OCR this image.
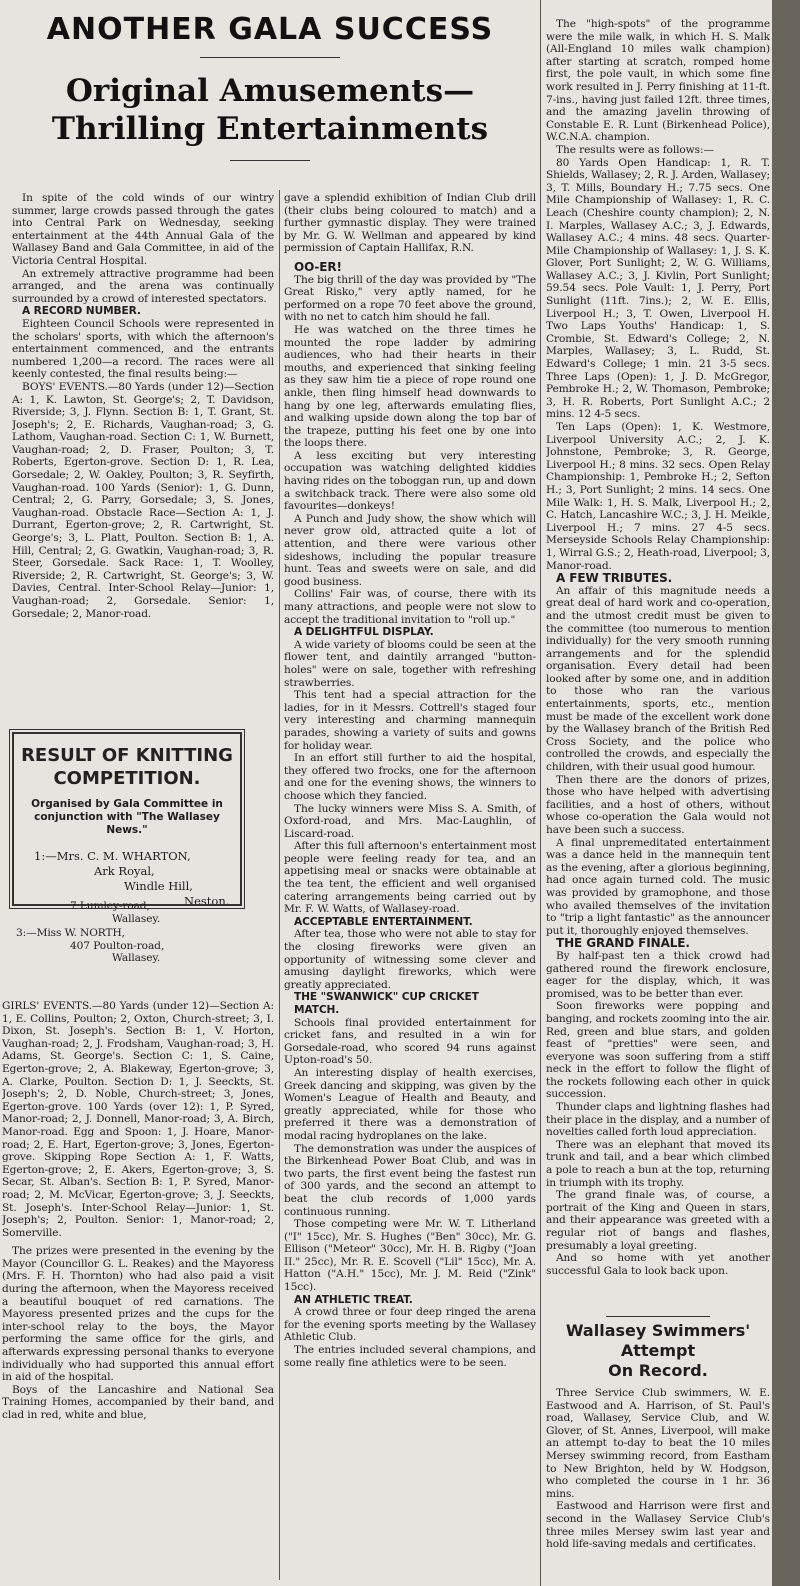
ANOTHER GALA SUCCESS
Original Amusements—
Thrilling Entertainments

In spite of the cold winds of our wintry summer, large crowds passed through the gates into Central Park on Wednesday, seeking entertainment at the 44th Annual Gala of the Wallasey Band and Gala Committee, in aid of the Victoria Central Hospital.

An extremely attractive programme had been arranged, and the arena was continually surrounded by a crowd of interested spectators.

A RECORD NUMBER.

Eighteen Council Schools were represented in the scholars' sports, with which the afternoon's entertainment commenced, and the entrants numbered 1,200—a record. The races were all keenly contested, the final results being:—

BOYS' EVENTS.—80 Yards (under 12)—Section A: 1, K. Lawton, St. George's; 2, T. Davidson, Riverside; 3, J. Flynn. Section B: 1, T. Grant, St. Joseph's; 2, E. Richards, Vaughan-road; 3, G. Lathom, Vaughan-road. Section C: 1, W. Burnett, Vaughan-road; 2, D. Fraser, Poulton; 3, T. Roberts, Egerton-grove. Section D: 1, R. Lea, Gorsedale; 2, W. Oakley, Poulton; 3, R. Seyfirth, Vaughan-road. 100 Yards (Senior): 1, G. Dunn, Central; 2, G. Parry, Gorsedale; 3, S. Jones, Vaughan-road. Obstacle Race—Section A: 1, J. Durrant, Egerton-grove; 2, R. Cartwright, St. George's; 3, L. Platt, Poulton. Section B: 1, A. Hill, Central; 2, G. Gwatkin, Vaughan-road; 3, R. Steer, Gorsedale. Sack Race: 1, T. Woolley, Riverside; 2, R. Cartwright, St. George's; 3, W. Davies, Central. Inter-School Relay—Junior: 1, Vaughan-road; 2, Gorsedale. Senior: 1, Gorsedale; 2, Manor-road.

RESULT OF KNITTING
COMPETITION.
Organised by Gala Committee in conjunction with "The Wallasey News."

1:—Mrs. C. M. WHARTON,

Ark Royal,

Windle Hill,

Neston.

7 Lumley-road,

Wallasey.

3:—Miss W. NORTH,

407 Poulton-road,

Wallasey.

GIRLS' EVENTS.—80 Yards (under 12)—Section A: 1, E. Collins, Poulton; 2, Oxton, Church-street; 3, I. Dixon, St. Joseph's. Section B: 1, V. Horton, Vaughan-road; 2, J. Frodsham, Vaughan-road; 3, H. Adams, St. George's. Section C: 1, S. Caine, Egerton-grove; 2, A. Blakeway, Egerton-grove; 3, A. Clarke, Poulton. Section D: 1, J. Seeckts, St. Joseph's; 2, D. Noble, Church-street; 3, Jones, Egerton-grove. 100 Yards (over 12): 1, P. Syred, Manor-road; 2, J. Donnell, Manor-road; 3, A. Birch, Manor-road. Egg and Spoon: 1, J. Hoare, Manor-road; 2, E. Hart, Egerton-grove; 3, Jones, Egerton-grove. Skipping Rope Section A: 1, F. Watts, Egerton-grove; 2, E. Akers, Egerton-grove; 3, S. Secar, St. Alban's. Section B: 1, P. Syred, Manor-road; 2, M. McVicar, Egerton-grove; 3, J. Seeckts, St. Joseph's. Inter-School Relay—Junior: 1, St. Joseph's; 2, Poulton. Senior: 1, Manor-road; 2, Somerville.

The prizes were presented in the evening by the Mayor (Councillor G. L. Reakes) and the Mayoress (Mrs. F. H. Thornton) who had also paid a visit during the afternoon, when the Mayoress received a beautiful bouquet of red carnations. The Mayoress presented prizes and the cups for the inter-school relay to the boys, the Mayor performing the same office for the girls, and afterwards expressing personal thanks to everyone individually who had supported this annual effort in aid of the hospital.

Boys of the Lancashire and National Sea Training Homes, accompanied by their band, and clad in red, white and blue,

gave a splendid exhibition of Indian Club drill (their clubs being coloured to match) and a further gymnastic display. They were trained by Mr. G. W. Wellman and appeared by kind permission of Captain Hallifax, R.N.

OO-ER!

The big thrill of the day was provided by "The Great Risko," very aptly named, for he performed on a rope 70 feet above the ground, with no net to catch him should he fall.

He was watched on the three times he mounted the rope ladder by admiring audiences, who had their hearts in their mouths, and experienced that sinking feeling as they saw him tie a piece of rope round one ankle, then fling himself head downwards to hang by one leg, afterwards emulating flies, and walking upside down along the top bar of the trapeze, putting his feet one by one into the loops there.

A less exciting but very interesting occupation was watching delighted kiddies having rides on the toboggan run, up and down a switchback track. There were also some old favourites—donkeys!

A Punch and Judy show, the show which will never grow old, attracted quite a lot of attention, and there were various other sideshows, including the popular treasure hunt. Teas and sweets were on sale, and did good business.

Collins' Fair was, of course, there with its many attractions, and people were not slow to accept the traditional invitation to "roll up."

A DELIGHTFUL DISPLAY.

A wide variety of blooms could be seen at the flower tent, and daintily arranged "button-holes" were on sale, together with refreshing strawberries.

This tent had a special attraction for the ladies, for in it Messrs. Cottrell's staged four very interesting and charming mannequin parades, showing a variety of suits and gowns for holiday wear.

In an effort still further to aid the hospital, they offered two frocks, one for the afternoon and one for the evening shows, the winners to choose which they fancied.

The lucky winners were Miss S. A. Smith, of Oxford-road, and Mrs. Mac-Laughlin, of Liscard-road.

After this full afternoon's entertainment most people were feeling ready for tea, and an appetising meal or snacks were obtainable at the tea tent, the efficient and well organised catering arrangements being carried out by Mr. F. W. Watts, of Wallasey-road.

ACCEPTABLE ENTERTAINMENT.

After tea, those who were not able to stay for the closing fireworks were given an opportunity of witnessing some clever and amusing daylight fireworks, which were greatly appreciated.

THE "SWANWICK" CUP CRICKET

MATCH.

Schools final provided entertainment for cricket fans, and resulted in a win for Gorsedale-road, who scored 94 runs against Upton-road's 50.

An interesting display of health exercises, Greek dancing and skipping, was given by the Women's League of Health and Beauty, and greatly appreciated, while for those who preferred it there was a demonstration of modal racing hydroplanes on the lake.

The demonstration was under the auspices of the Birkenhead Power Boat Club, and was in two parts, the first event being the fastest run of 300 yards, and the second an attempt to beat the club records of 1,000 yards continuous running.

Those competing were Mr. W. T. Litherland ("I" 15cc), Mr. S. Hughes ("Ben" 30cc), Mr. G. Ellison ("Meteor" 30cc), Mr. H. B. Rigby ("Joan II." 25cc), Mr. R. E. Scovell ("Lil" 15cc), Mr. A. Hatton ("A.H." 15cc), Mr. J. M. Reid ("Zink" 15cc).

AN ATHLETIC TREAT.

A crowd three or four deep ringed the arena for the evening sports meeting by the Wallasey Athletic Club.

The entries included several champions, and some really fine athletics were to be seen.

The "high-spots" of the programme were the mile walk, in which H. S. Malk (All-England 10 miles walk champion) after starting at scratch, romped home first, the pole vault, in which some fine work resulted in J. Perry finishing at 11-ft. 7-ins., having just failed 12ft. three times, and the amazing javelin throwing of Constable E. R. Lunt (Birkenhead Police), W.C.N.A. champion.

The results were as follows:—

80 Yards Open Handicap: 1, R. T. Shields, Wallasey; 2, R. J. Arden, Wallasey; 3, T. Mills, Boundary H.; 7.75 secs. One Mile Championship of Wallasey: 1, R. C. Leach (Cheshire county champion); 2, N. I. Marples, Wallasey A.C.; 3, J. Edwards, Wallasey A.C.; 4 mins. 48 secs. Quarter-Mile Championship of Wallasey: 1, J. S. K. Glover, Port Sunlight; 2, W. G. Williams, Wallasey A.C.; 3, J. Kivlin, Port Sunlight; 59.54 secs. Pole Vault: 1, J. Perry, Port Sunlight (11ft. 7ins.); 2, W. E. Ellis, Liverpool H.; 3, T. Owen, Liverpool H. Two Laps Youths' Handicap: 1, S. Crombie, St. Edward's College; 2, N. Marples, Wallasey; 3, L. Rudd, St. Edward's College; 1 min. 21 3-5 secs. Three Laps (Open): 1, J. D. McGregor, Pembroke H.; 2, W. Thomason, Pembroke; 3, H. R. Roberts, Port Sunlight A.C.; 2 mins. 12 4-5 secs.

Ten Laps (Open): 1, K. Westmore, Liverpool University A.C.; 2, J. K. Johnstone, Pembroke; 3, R. George, Liverpool H.; 8 mins. 32 secs. Open Relay Championship: 1, Pembroke H.; 2, Sefton H.; 3, Port Sunlight; 2 mins. 14 secs. One Mile Walk: 1, H. S. Malk, Liverpool H.; 2, C. Hatch, Lancashire W.C.; 3, J. H. Meikle, Liverpool H.; 7 mins. 27 4-5 secs. Merseyside Schools Relay Championship: 1, Wirral G.S.; 2, Heath-road, Liverpool; 3, Manor-road.

A FEW TRIBUTES.

An affair of this magnitude needs a great deal of hard work and co-operation, and the utmost credit must be given to the committee (too numerous to mention individually) for the very smooth running arrangements and for the splendid organisation. Every detail had been looked after by some one, and in addition to those who ran the various entertainments, sports, etc., mention must be made of the excellent work done by the Wallasey branch of the British Red Cross Society, and the police who controlled the crowds, and especially the children, with their usual good humour.

Then there are the donors of prizes, those who have helped with advertising facilities, and a host of others, without whose co-operation the Gala would not have been such a success.

A final unpremeditated entertainment was a dance held in the mannequin tent as the evening, after a glorious beginning, had once again turned cold. The music was provided by gramophone, and those who availed themselves of the invitation to "trip a light fantastic" as the announcer put it, thoroughly enjoyed themselves.

THE GRAND FINALE.

By half-past ten a thick crowd had gathered round the firework enclosure, eager for the display, which, it was promised, was to be better than ever.

Soon fireworks were popping and banging, and rockets zooming into the air. Red, green and blue stars, and golden feast of "pretties" were seen, and everyone was soon suffering from a stiff neck in the effort to follow the flight of the rockets following each other in quick succession.

Thunder claps and lightning flashes had their place in the display, and a number of novelties called forth loud appreciation.

There was an elephant that moved its trunk and tail, and a bear which climbed a pole to reach a bun at the top, returning in triumph with its trophy.

The grand finale was, of course, a portrait of the King and Queen in stars, and their appearance was greeted with a regular riot of bangs and flashes, presumably a loyal greeting.

And so home with yet another successful Gala to look back upon.

Wallasey Swimmers' Attempt
On Record.

Three Service Club swimmers, W. E. Eastwood and A. Harrison, of St. Paul's road, Wallasey, Service Club, and W. Glover, of St. Annes, Liverpool, will make an attempt to-day to beat the 10 miles Mersey swimming record, from Eastham to New Brighton, held by W. Hodgson, who completed the course in 1 hr. 36 mins.

Eastwood and Harrison were first and second in the Wallasey Service Club's three miles Mersey swim last year and hold life-saving medals and certificates.
